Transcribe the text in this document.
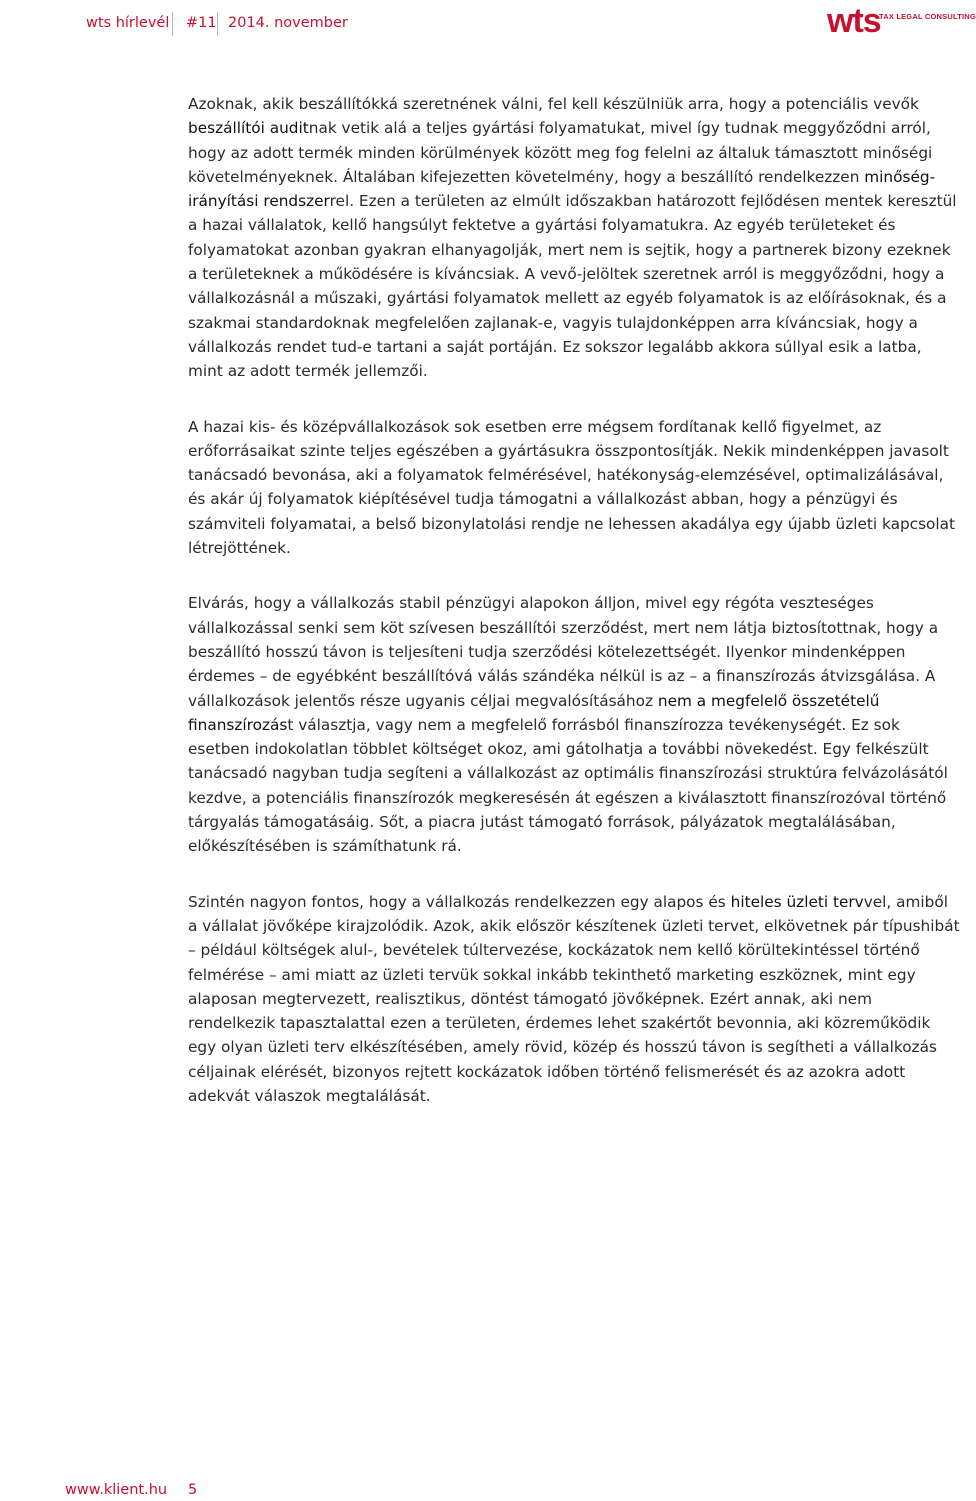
wts hírlevél #11 2014. november	wts
TAX LEGAL CONSULTING

Azoknak, akik beszállítókká szeretnének válni, fel kell készülniük arra, hogy a potenciális vevők beszállítói auditnak vetik alá a teljes gyártási folyamatukat, mivel így tudnak meggyőződni arról, hogy az adott termék minden körülmények között meg fog felelni az általuk támasztott minőségi követelményeknek. Általában kifejezetten követelmény, hogy a beszállító rendelkezzen minőség-irányítási rendszerrel. Ezen a területen az elmúlt időszakban határozott fejlődésen mentek keresztül a hazai vállalatok, kellő hangsúlyt fektetve a gyártási folyamatukra. Az egyéb területeket és folyamatokat azonban gyakran elhanyagolják, mert nem is sejtik, hogy a partnerek bizony ezeknek a területeknek a működésére is kíváncsiak. A vevő-jelöltek szeretnek arról is meggyőződni, hogy a vállalkozásnál a műszaki, gyártási folyamatok mellett az egyéb folyamatok is az előírásoknak, és a szakmai standardoknak megfelelően zajlanak-e, vagyis tulajdonképpen arra kíváncsiak, hogy a vállalkozás rendet tud-e tartani a saját portáján. Ez sokszor legalább akkora súllyal esik a latba, mint az adott termék jellemzői.

A hazai kis- és középvállalkozások sok esetben erre mégsem fordítanak kellő figyelmet, az erőforrásaikat szinte teljes egészében a gyártásukra összpontosítják. Nekik mindenképpen javasolt tanácsadó bevonása, aki a folyamatok felmérésével, hatékonyság-elemzésével, optimalizálásával, és akár új folyamatok kiépítésével tudja támogatni a vállalkozást abban, hogy a pénzügyi és számviteli folyamatai, a belső bizonylatolási rendje ne lehessen akadálya egy újabb üzleti kapcsolat létrejöttének.

Elvárás, hogy a vállalkozás stabil pénzügyi alapokon álljon, mivel egy régóta veszteséges vállalkozással senki sem köt szívesen beszállítói szerződést, mert nem látja biztosítottnak, hogy a beszállító hosszú távon is teljesíteni tudja szerződési kötelezettségét. Ilyenkor mindenképpen érdemes – de egyébként beszállítóvá válás szándéka nélkül is az – a finanszírozás átvizsgálása. A vállalkozások jelentős része ugyanis céljai megvalósításához nem a megfelelő összetételű finanszírozást választja, vagy nem a megfelelő forrásból finanszírozza tevékenységét. Ez sok esetben indokolatlan többlet költséget okoz, ami gátolhatja a további növekedést. Egy felkészült tanácsadó nagyban tudja segíteni a vállalkozást az optimális finanszírozási struktúra felvázolásától kezdve, a potenciális finanszírozók megkeresésén át egészen a kiválasztott finanszírozóval történő tárgyalás támogatásáig. Sőt, a piacra jutást támogató források, pályázatok megtalálásában, előkészítésében is számíthatunk rá.

Szintén nagyon fontos, hogy a vállalkozás rendelkezzen egy alapos és hiteles üzleti tervvel, amiből a vállalat jövőképe kirajzolódik. Azok, akik először készítenek üzleti tervet, elkövetnek pár típushibát – például költségek alul-, bevételek túltervezése, kockázatok nem kellő körültekintéssel történő felmérése – ami miatt az üzleti tervük sokkal inkább tekinthető marketing eszköznek, mint egy alaposan megtervezett, realisztikus, döntést támogató jövőképnek. Ezért annak, aki nem rendelkezik tapasztalattal ezen a területen, érdemes lehet szakértőt bevonnia, aki közreműködik egy olyan üzleti terv elkészítésében, amely rövid, közép és hosszú távon is segítheti a vállalkozás céljainak elérését, bizonyos rejtett kockázatok időben történő felismerését és az azokra adott adekvát válaszok megtalálását.

www.klient.hu 5
